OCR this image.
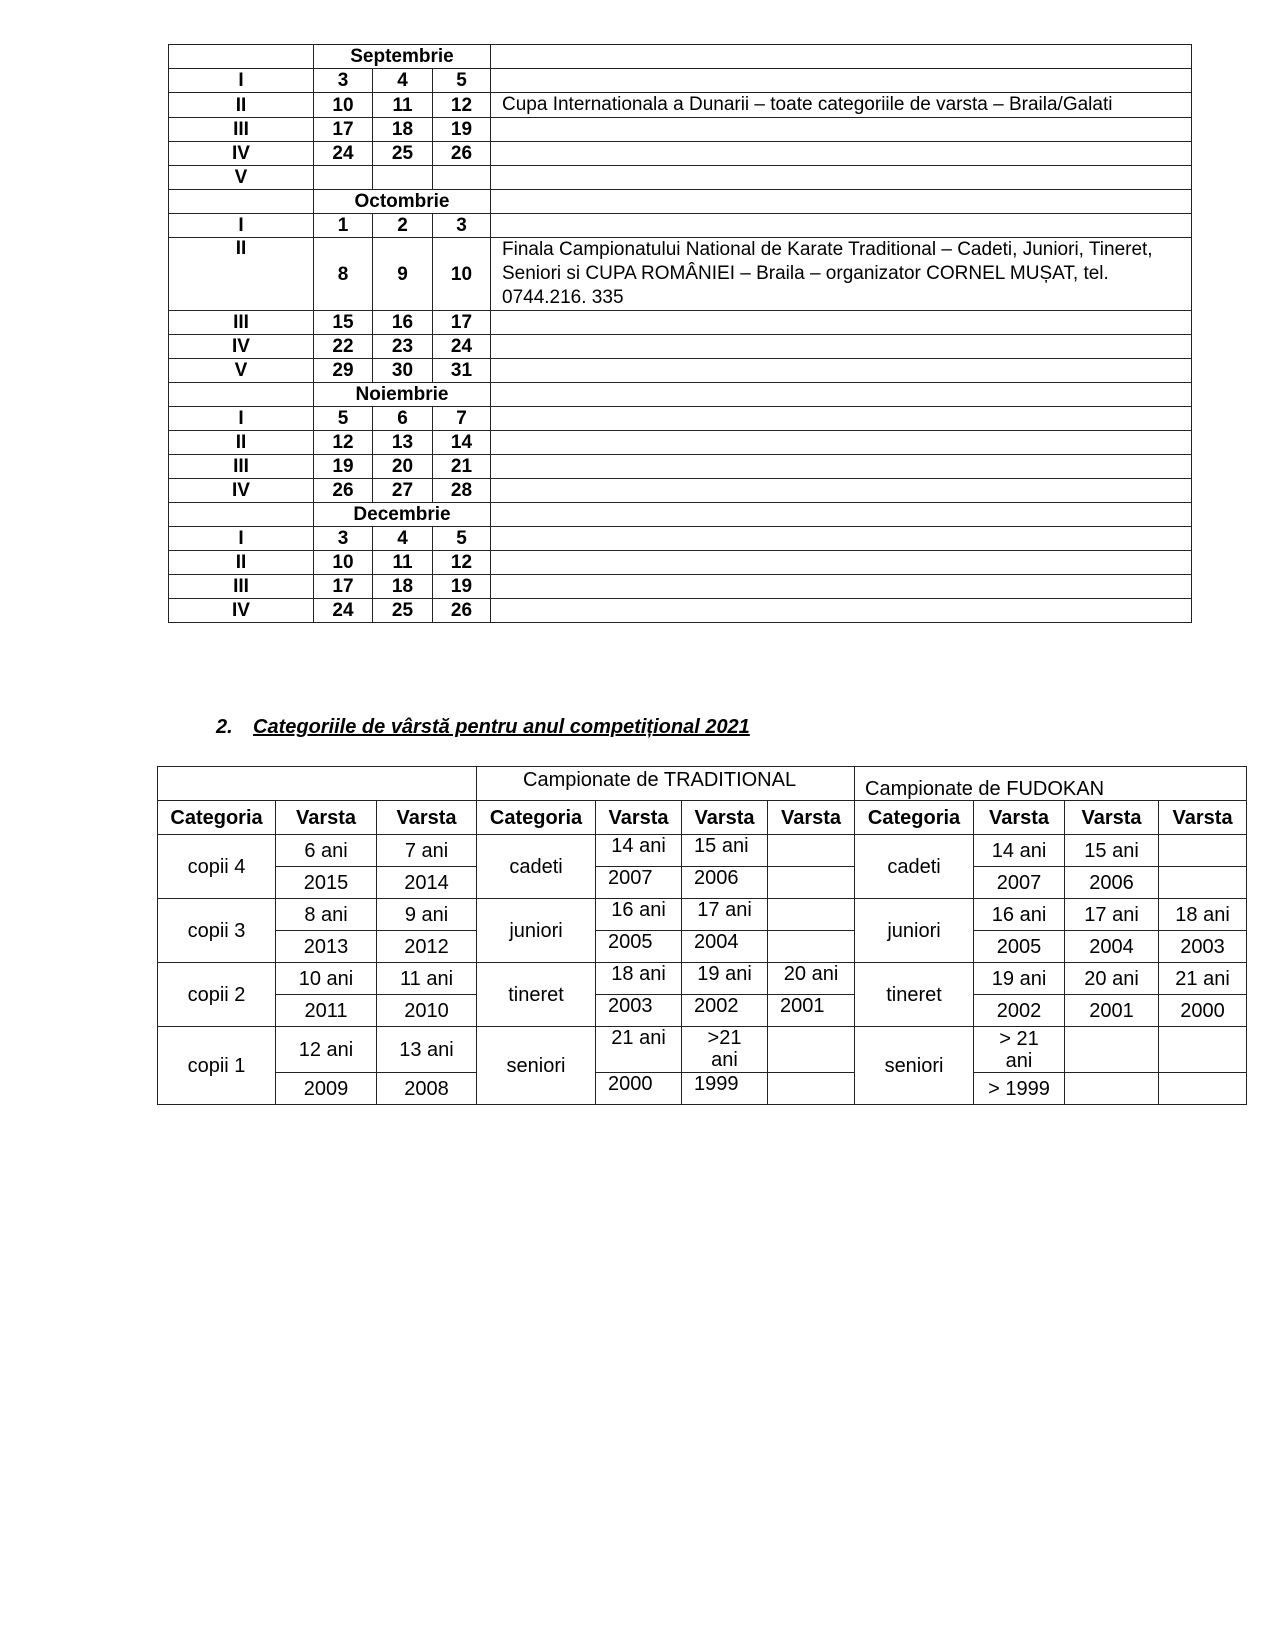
	Septembrie			
I	3	4	5	
II	10	11	12	Cupa Internationala a Dunarii – toate categoriile de varsta – Braila/Galati
III	17	18	19	
IV	24	25	26	
V				
	Octombrie			
I	1	2	3	
II	8	9	10	Finala Campionatului National de Karate Traditional – Cadeti, Juniori, Tineret, Seniori si CUPA ROMÂNIEI – Braila – organizator CORNEL MUȘAT, tel. 0744.216. 335
III	15	16	17	
IV	22	23	24	
V	29	30	31	
	Noiembrie			
I	5	6	7	
II	12	13	14	
III	19	20	21	
IV	26	27	28	
	Decembrie			
I	3	4	5	
II	10	11	12	
III	17	18	19	
IV	24	25	26	
2. Categoriile de vârstă pentru anul competițional 2021
			Campionate de TRADITIONAL				Campionate de FUDOKAN			
Categoria	Varsta	Varsta	Categoria	Varsta	Varsta	Varsta	Categoria	Varsta	Varsta	Varsta
copii 4	6 ani	7 ani	cadeti	14 ani	15 ani		cadeti	14 ani	15 ani	
	2015	2014		2007	2006			2007	2006	
copii 3	8 ani	9 ani	juniori	16 ani	17 ani		juniori	16 ani	17 ani	18 ani
	2013	2012		2005	2004			2005	2004	2003
copii 2	10 ani	11 ani	tineret	18 ani	19 ani	20 ani	tineret	19 ani	20 ani	21 ani
	2011	2010		2003	2002	2001		2002	2001	2000
copii 1	12 ani	13 ani	seniori	21 ani	>21 ani		seniori	> 21 ani		
	2009	2008		2000	1999			> 1999		
